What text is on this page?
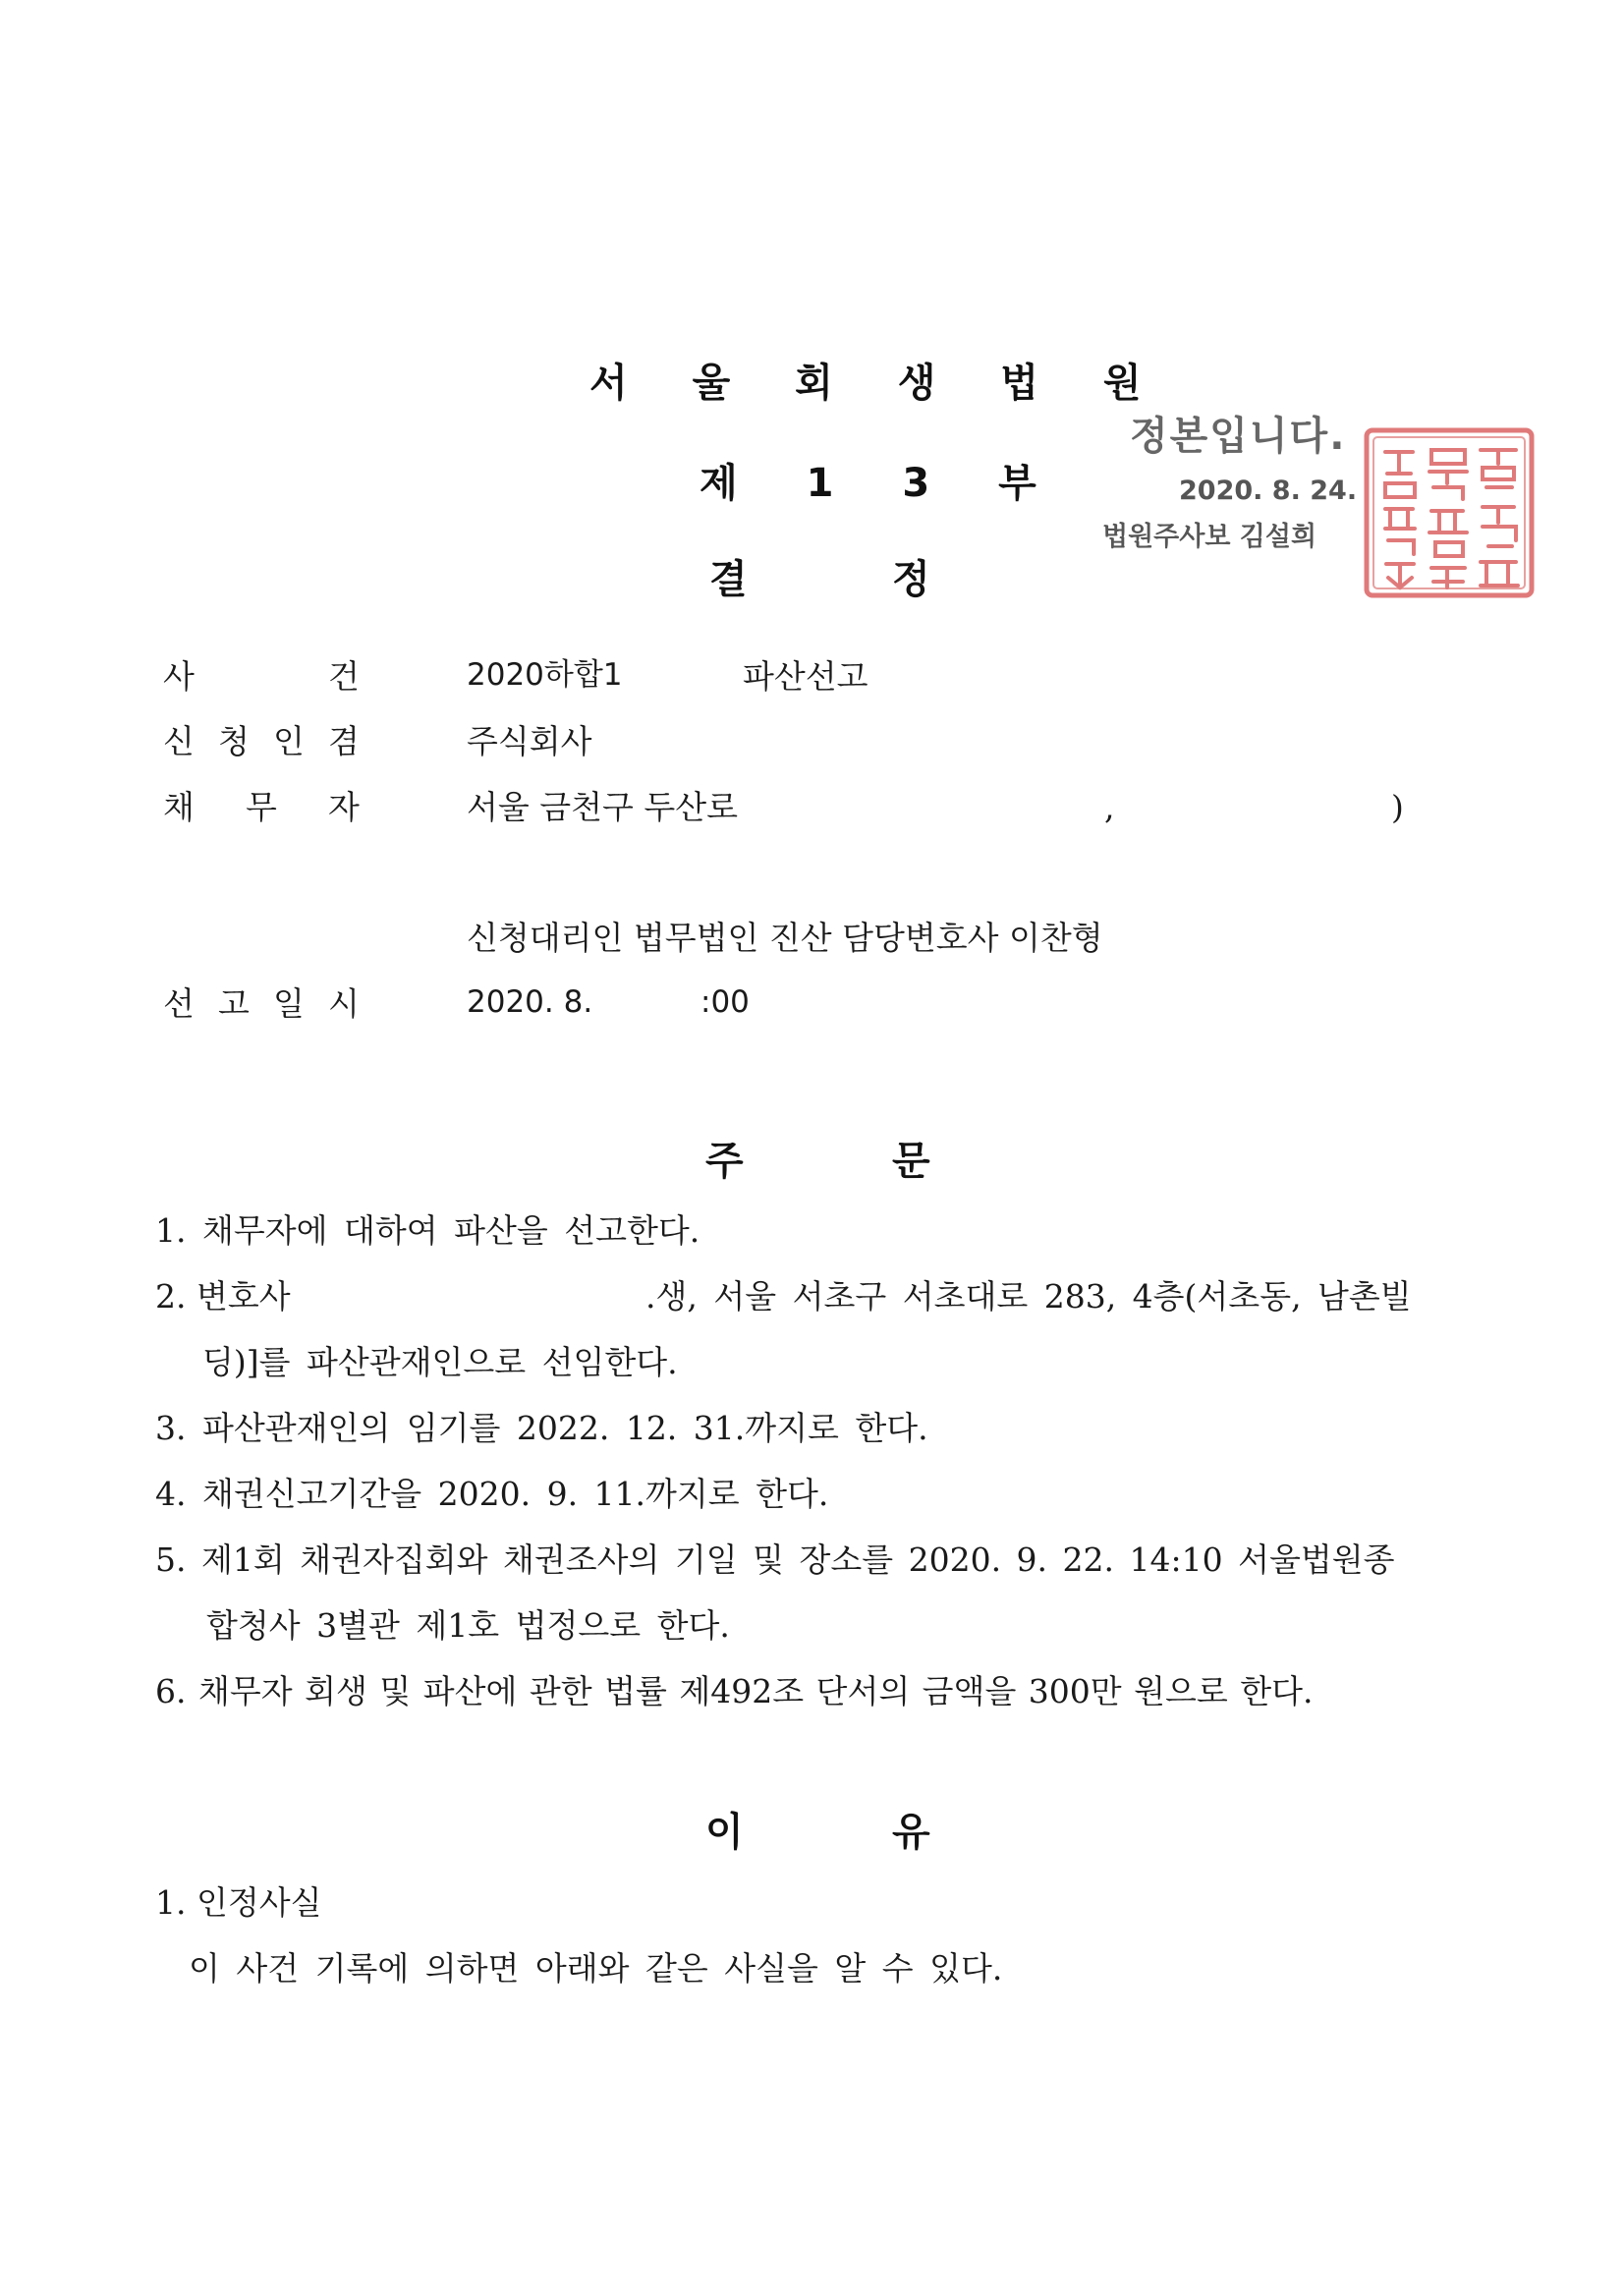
서 울 회 생 법 원
제 1 3 부
결	정
정본입니다.
2020. 8. 24.
법원주사보 김설희
사	건	2020하합1	파산선고
신 청 인 겸	주식회사
채 무 자	서울 금천구 두산로	,	)
신청대리인 법무법인 진산 담당변호사 이찬형
선 고 일 시	2020. 8.	:00
주	문
1. 채무자에 대하여 파산을 선고한다.
2. 변호사	.생, 서울 서초구 서초대로 283, 4층(서초동, 남촌빌
딩)]를 파산관재인으로 선임한다.
3. 파산관재인의 임기를 2022. 12. 31.까지로 한다.
4. 채권신고기간을 2020. 9. 11.까지로 한다.
5. 제1회 채권자집회와 채권조사의 기일 및 장소를 2020. 9. 22. 14:10 서울법원종
합청사 3별관 제1호 법정으로 한다.
6. 채무자 회생 및 파산에 관한 법률 제492조 단서의 금액을 300만 원으로 한다.
이	유
1. 인정사실
이 사건 기록에 의하면 아래와 같은 사실을 알 수 있다.
